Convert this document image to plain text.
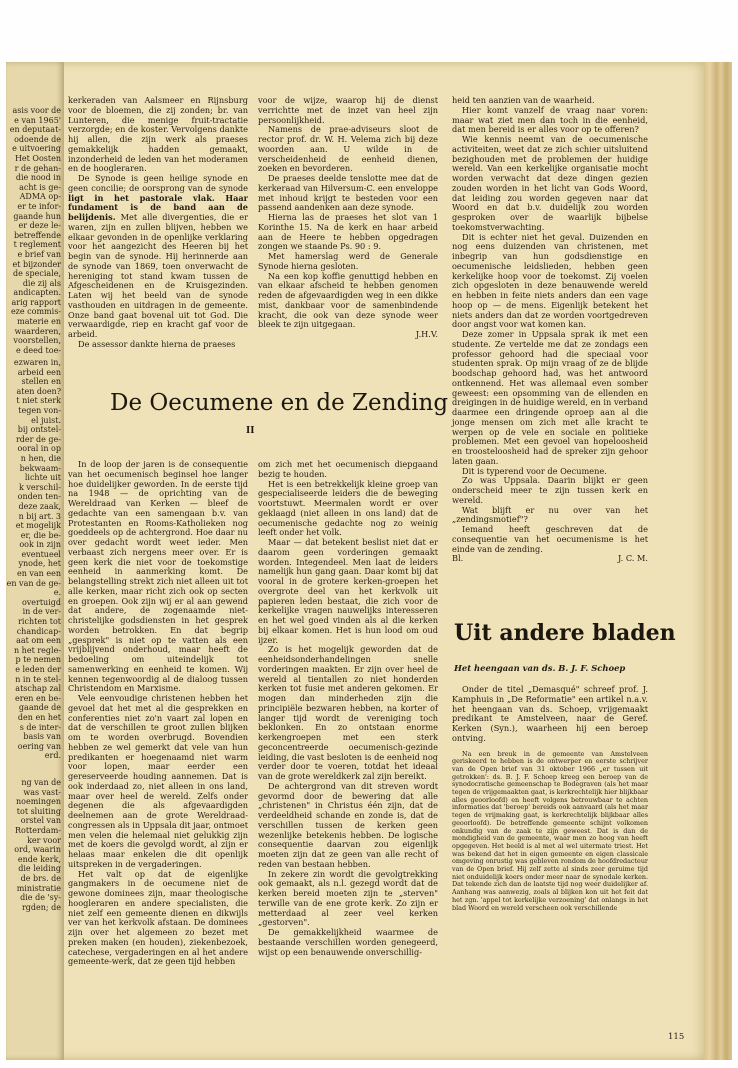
asis voor de
e van 1965'
en deputaat-
odoende de
e uitvoering
Het Oosten
r de gehan-
die nood in
acht is ge-
ADMA op-
er te infor-
gaande hun
er deze le-
betreffende
t reglement
e brief van
et bijzonder
de speciale,
die zij als
andicapten.
arig rapport
eze commis-
materie en
waarderen,
voorstellen,
e deed toe-
ezwaren in,
arbeid een
stellen en
aten doen?
t niet sterk
tegen von-
el juist.
bij ontstel-
rder de ge-
ooral in op
n hen, die
bekwaam-
lichte uit
k verschil-
onden ten-
deze zaak,
n bij art. 3
et mogelijk
er, die be-
ook in zijn
eventueel
ynode, het
en van een
en van de ge-
e.
overtuigd
in de ver-
richten tot
chandicap-
aat om een
n het regle-
p te nemen
e leden der
n in te stel-
atschap zal
eren en be-
gaande de
den en het
s de inter-
basis van
oering van
erd.
ng van de
was vast-
noemingen
tot sluiting
orstel van
Rotterdam-
ker voor
ord, waarin
ende kerk,
die leiding
de brs. de
ministratie
die de 'sy-
rgden; de

kerkeraden van Aalsmeer en Rijnsburg voor de bloemen, die zij zonden; br. van Lunteren, die menige fruit-tractatie verzorgde; en de koster. Vervolgens dankte hij allen, die zijn werk als praeses gemakkelijk hadden gemaakt, inzonderheid de leden van het moderamen en de hoogleraren.

De Synode is geen heilige synode en geen concilie; de oorsprong van de synode ligt in het pastorale vlak. Haar fundament is de band aan de belijdenis. Met alle divergenties, die er waren, zijn en zullen blijven, hebben we elkaar gevonden in de openlijke verklaring voor het aangezicht des Heeren bij het begin van de synode. Hij herinnerde aan de synode van 1869, toen onverwacht de hereniging tot stand kwam tussen de Afgescheidenen en de Kruisgezinden. Laten wij het beeld van de synode vasthouden en uitdragen in de gemeente. Onze band gaat bovenal uit tot God. Die verwaardigde, riep en kracht gaf voor de arbeid.

De assessor dankte hierna de praeses

voor de wijze, waarop hij de dienst verrichtte met de inzet van heel zijn persoonlijkheid.

Namens de prae-adviseurs sloot de rector prof. dr. W. H. Velema zich bij deze woorden aan. U wilde in de verscheidenheid de eenheid dienen, zoeken en bevorderen.

De praeses deelde tenslotte mee dat de kerkeraad van Hilversum-C. een enveloppe met inhoud krijgt te besteden voor een passend aandenken aan deze synode.

Hierna las de praeses het slot van 1 Korinthe 15. Na de kerk en haar arbeid aan de Heere te hebben opgedragen zongen we staande Ps. 90 : 9.

Met hamerslag werd de Generale Synode hierna gesloten.

Na een kop koffie genuttigd hebben en van elkaar afscheid te hebben genomen reden de afgevaardigden weg in een dikke mist, dankbaar voor de samenbindende kracht, die ook van deze synode weer bleek te zijn uitgegaan.

J.H.V.

De Oecumene en de Zending
II

In de loop der jaren is de consequentie van het oecumenisch beginsel hoe langer hoe duidelijker geworden. In de eerste tijd na 1948 — de oprichting van de Wereldraad van Kerken — bleef de gedachte van een samengaan b.v. van Protestanten en Rooms-Katholieken nog goeddeels op de achtergrond. Hoe daar nu over gedacht wordt weet ieder. Men verbaast zich nergens meer over. Er is geen kerk die niet voor de toekomstige eenheid in aanmerking komt. De belangstelling strekt zich niet alleen uit tot alle kerken, maar richt zich ook op secten en groepen. Ook zijn wij er al aan gewend dat andere, de zogenaamde niet-christelijke godsdiensten in het gesprek worden betrokken. En dat begrip „gesprek" is niet op te vatten als een vrijblijvend onderhoud, maar heeft de bedoeling om uiteindelijk tot samenwerking en eenheid te komen. Wij kennen tegenwoordig al de dialoog tussen Christendom en Marxisme.

Vele eenvoudige christenen hebben het gevoel dat het met al die gesprekken en conferenties niet zo'n vaart zal lopen en dat de verschillen te groot zullen blijken om te worden overbrugd. Bovendien hebben ze wel gemerkt dat vele van hun predikanten er hoegenaamd niet warm voor lopen, maar eerder een gereserveerde houding aannemen. Dat is ook inderdaad zo, niet alleen in ons land, maar over heel de wereld. Zelfs onder degenen die als afgevaardigden deelnemen aan de grote Wereldraad-congressen als in Uppsala dit jaar, ontmoet men velen die helemaal niet gelukkig zijn met de koers die gevolgd wordt, al zijn er helaas maar enkelen die dit openlijk uitspreken in de vergaderingen.

Het valt op dat de eigenlijke gangmakers in de oecumene niet de gewone dominees zijn, maar theologische hoogleraren en andere specialisten, die niet zelf een gemeente dienen en dikwijls ver van het kerkvolk afstaan. De dominees zijn over het algemeen zo bezet met preken maken (en houden), ziekenbezoek, catechese, vergaderingen en al het andere gemeente-werk, dat ze geen tijd hebben

om zich met het oecumenisch diepgaand bezig te houden.

Het is een betrekkelijk kleine groep van gespecialiseerde leiders die de beweging voortstuwt. Meermalen wordt er over geklaagd (niet alleen in ons land) dat de oecumenische gedachte nog zo weinig leeft onder het volk.

Maar — dat betekent beslist niet dat er daarom geen vorderingen gemaakt worden. Integendeel. Men laat de leiders namelijk hun gang gaan. Daar komt bij dat vooral in de grotere kerken-groepen het overgrote deel van het kerkvolk uit papieren leden bestaat, die zich voor de kerkelijke vragen nauwelijks interesseren en het wel goed vinden als al die kerken bij elkaar komen. Het is hun lood om oud ijzer.

Zo is het mogelijk geworden dat de eenheidsonderhandelingen snelle vorderingen maakten. Er zijn over heel de wereld al tientallen zo niet honderden kerken tot fusie met anderen gekomen. Er mogen dan minderheden zijn die principiële bezwaren hebben, na korter of langer tijd wordt de vereniging toch beklonken. En zo ontstaan enorme kerkengroepen met een sterk geconcentreerde oecumenisch-gezinde leiding, die vast besloten is de eenheid nog verder door te voeren, totdat het ideaal van de grote wereldkerk zal zijn bereikt.

De achtergrond van dit streven wordt gevormd door de bewering dat alle „christenen" in Christus één zijn, dat de verdeeldheid schande en zonde is, dat de verschillen tussen de kerken geen wezenlijke betekenis hebben. De logische consequentie daarvan zou eigenlijk moeten zijn dat ze geen van alle recht of reden van bestaan hebben.

In zekere zin wordt die gevolgtrekking ook gemaakt, als n.l. gezegd wordt dat de kerken bereid moeten zijn te „sterven" terwille van de ene grote kerk. Zo zijn er metterdaad al zeer veel kerken „gestorven".

De gemakkelijkheid waarmee de bestaande verschillen worden genegeerd, wijst op een benauwende onverschillig-

heid ten aanzien van de waarheid.

Hier komt vanzelf de vraag naar voren: maar wat ziet men dan toch in die eenheid, dat men bereid is er alles voor op te offeren?

Wie kennis neemt van de oecumenische activiteiten, weet dat ze zich schier uitsluitend bezighouden met de problemen der huidige wereld. Van een kerkelijke organisatie mocht worden verwacht dat deze dingen gezien zouden worden in het licht van Gods Woord, dat leiding zou worden gegeven naar dat Woord en dat b.v. duidelijk zou worden gesproken over de waarlijk bijbelse toekomstverwachting.

Dit is echter niet het geval. Duizenden en nog eens duizenden van christenen, met inbegrip van hun godsdienstige en oecumenische leidslieden, hebben geen kerkelijke hoop voor de toekomst. Zij voelen zich opgesloten in deze benauwende wereld en hebben in feite niets anders dan een vage hoop op — de mens. Eigenlijk betekent het niets anders dan dat ze worden voortgedreven door angst voor wat komen kan.

Deze zomer in Uppsala sprak ik met een studente. Ze vertelde me dat ze zondags een professor gehoord had die speciaal voor studenten sprak. Op mijn vraag of ze de blijde boodschap gehoord had, was het antwoord ontkennend. Het was allemaal even somber geweest: een opsomming van de ellenden en dreigingen in de huidige wereld, en in verband daarmee een dringende oproep aan al die jonge mensen om zich met alle kracht te werpen op de vele en sociale en politieke problemen. Met een gevoel van hopeloosheid en troosteloosheid had de spreker zijn gehoor laten gaan.

Dit is typerend voor de Oecumene.

Zo was Uppsala. Daarin blijkt er geen onderscheid meer te zijn tussen kerk en wereld.

Wat blijft er nu over van het „zendingsmotief"?

Iemand heeft geschreven dat de consequentie van het oecumenisme is het einde van de zending.

Bl.	J. C. M.
Uit andere bladen
Het heengaan van ds. B. J. F. Schoep

Onder de titel „Demasqué" schreef prof. J. Kamphuis in „De Reformatie" een artikel n.a.v. het heengaan van ds. Schoep, vrijgemaakt predikant te Amstelveen, naar de Geref. Kerken (Syn.), waarheen hij een beroep ontving.

Na een breuk in de gemeente van Amstelveen geriskeerd te hebben is de ontwerper en eerste schrijver van de Open brief van 31 oktober 1966 „er tussen uit getrokken': ds. B. J. F. Schoep kreeg een beroep van de synodocratische gemeenschap te Bodegraven (als het maar tegen de vrijgemaakten gaat, is kerkrechtelijk hier blijkbaar alles geoorloofd) en heeft volgens betrouwbaar te achten informaties dat 'beroep' bereids ook aanvaard (als het maar tegen de vrijmaking gaat, is kerkrechtelijk blijkbaar alles geoorloofd). De betreffende gemeente schijnt volkomen onkundig van de zaak te zijn geweest. Dat is dan de mondigheid van de gemeente, waar men zo hoog van heeft opgegeven. Het beeld is al met al wel uitermate triest. Het was bekend dat het in eigen gemeente en eigen classicale omgeving onrustig was gebleven rondom de hoofdredacteur van de Open brief. Hij zelf zette al sinds zeer geruime tijd niet onduidelijk koers onder meer naar de synodale kerken. Dat tekende zich dan de laatste tijd nog weer duidelijker af. Aanhang was aanwezig, zoals al blijken kon uit het feit dat het zgn. 'appel tot kerkelijke verzoening' dat onlangs in het blad Woord en wereld verscheen ook verschillende

115
